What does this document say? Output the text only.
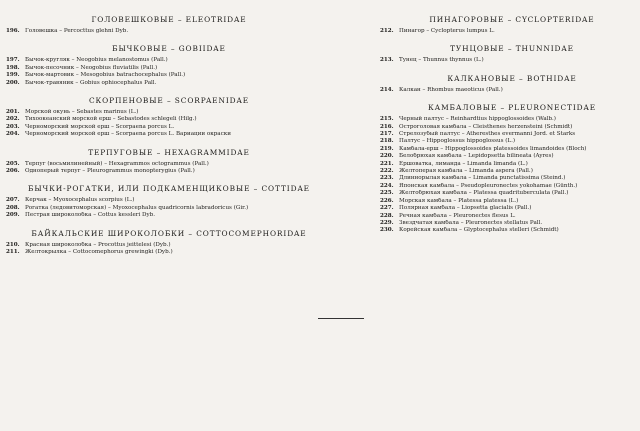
ГОЛОВЕШКОВЫЕ – ELEOTRIDAE
196. Головешка – Percocttus glehni Dyb.
БЫЧКОВЫЕ – GOBIIDAE
197. Бычок-кругляк – Neogobius melanostomus (Pall.)
198. Бычок-песочник – Neogobius fluviatilis (Pall.)
199. Бычок-мартовик – Mesogobius batrachocephalus (Pall.)
200. Бычок-травяник – Gobius ophiocephalus Pall.
СКОРПЕНОВЫЕ – SCORPAENIDAE
201. Морской окунь – Sebastes marinus (L.)
202. Тихоокеанский морской ерш – Sebastodes schlegeli (Hilg.)
203. Черноморский морской ерш – Scorpaena porcus L.
204. Черноморский морской ерш – Scorpaena porcus L. Вариации окраски
ТЕРПУГОВЫЕ – HEXAGRAMMIDAE
205. Терпуг (восьмилинейный) – Hexagrammos octogrammus (Pall.)
206. Одноперый терпуг – Pleurogrammus monopterygius (Pall.)
БЫЧКИ-РОГАТКИ, ИЛИ ПОДКАМЕНЩИКОВЫЕ – COTTIDAE
207. Керчак – Myoxocephalus scorpius (L.)
208. Рогатка (ледовитоморская) – Myoxocephalus quadricornis labradoricus (Gir.)
209. Пестрая широколобка – Cottus kessleri Dyb.
БАЙКАЛЬСКИЕ ШИРОКОЛОБКИ – COTTOCOMEPHORIDAE
210. Красная широколобка – Procottus jeittelesi (Dyb.)
211. Желтокрылка – Cottocomephorus grewingki (Dyb.)
ПИНАГОРОВЫЕ – CYCLOPTERIDAE
212. Пинагор – Cyclopterus lumpus L.
ТУНЦОВЫЕ – THUNNIDAE
213. Тунец – Thunnus thynnus (L.)
КАЛКАНОВЫЕ – BOTHIDAE
214. Калкан – Rhombus maeoticus (Pall.)
КАМБАЛОВЫЕ – PLEURONECTIDAE
215. Черный палтус – Reinhardtius hippoglossoides (Walb.)
216. Остроголовая камбала – Cleisthenes herzensteini (Schmidt)
217. Стрелозубый палтус – Atheresthes evermanni Jord. et Starks
218. Палтус – Hippoglossus hippoglossus (L.)
219. Камбала-ерш – Hippoglossoides platessoides limandoides (Bloch)
220. Белобрюхая камбала – Lepidopsetta bilineata (Ayres)
221. Ершоватка, лиманда – Limanda limanda (L.)
222. Желтоперая камбала – Limanda aspera (Pall.)
223. Длиннорылая камбала – Limanda punctatissima (Steind.)
224. Японская камбала – Pseudopleuronectes yokohamae (Günth.)
225. Желтобрюхая камбала – Platessa quadrituberculata (Pall.)
226. Морская камбала – Platessa platessa (L.)
227. Полярная камбала – Liopsetta glacialis (Pall.)
228. Речная камбала – Pleuronectes flesus L.
229. Звездчатая камбала – Pleuronectes stellatus Pall.
230. Корейская камбала – Glyptocephalus stelleri (Schmidt)
